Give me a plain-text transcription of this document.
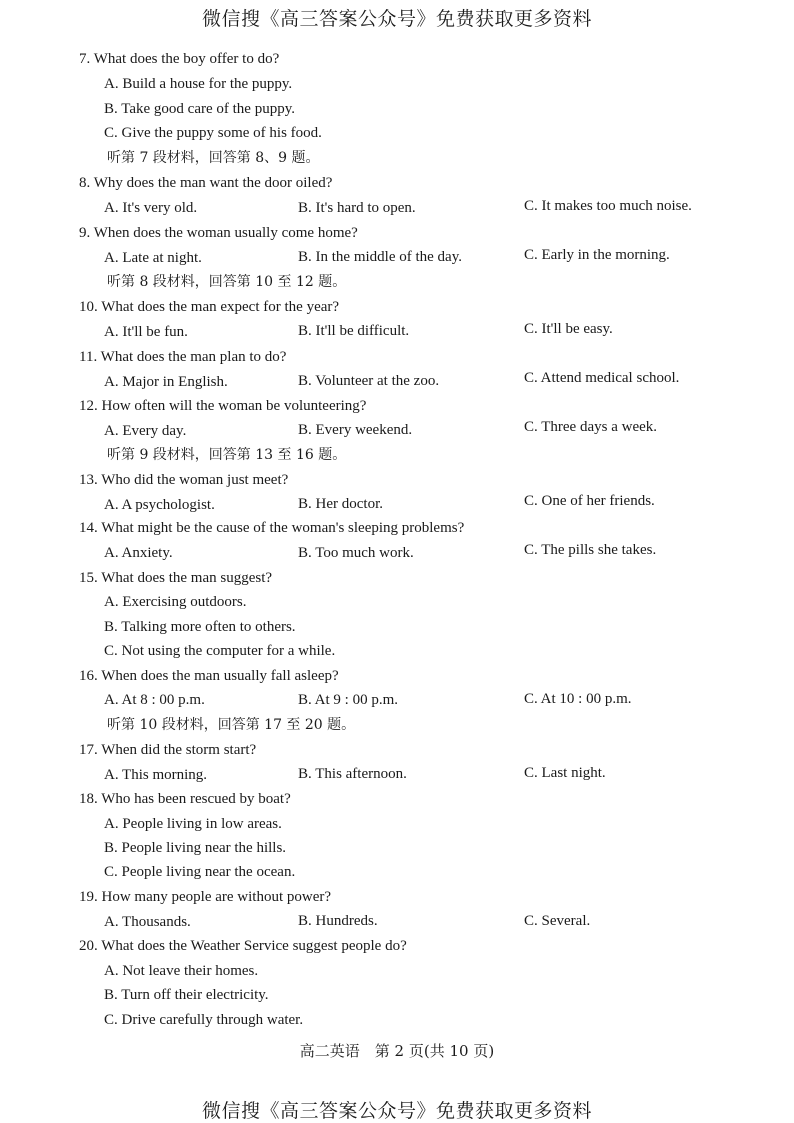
微信搜《高三答案公众号》免费获取更多资料
7. What does the boy offer to do?
A. Build a house for the puppy.
B. Take good care of the puppy.
C. Give the puppy some of his food.
听第 7 段材料，回答第 8、9 题。
8. Why does the man want the door oiled?
A. It's very old.	B. It's hard to open.	C. It makes too much noise.
9. When does the woman usually come home?
A. Late at night.	B. In the middle of the day.	C. Early in the morning.
听第 8 段材料，回答第 10 至 12 题。
10. What does the man expect for the year?
A. It'll be fun.	B. It'll be difficult.	C. It'll be easy.
11. What does the man plan to do?
A. Major in English.	B. Volunteer at the zoo.	C. Attend medical school.
12. How often will the woman be volunteering?
A. Every day.	B. Every weekend.	C. Three days a week.
听第 9 段材料，回答第 13 至 16 题。
13. Who did the woman just meet?
A. A psychologist.	B. Her doctor.	C. One of her friends.
14. What might be the cause of the woman's sleeping problems?
A. Anxiety.	B. Too much work.	C. The pills she takes.
15. What does the man suggest?
A. Exercising outdoors.
B. Talking more often to others.
C. Not using the computer for a while.
16. When does the man usually fall asleep?
A. At 8 : 00 p.m.	B. At 9 : 00 p.m.	C. At 10 : 00 p.m.
听第 10 段材料，回答第 17 至 20 题。
17. When did the storm start?
A. This morning.	B. This afternoon.	C. Last night.
18. Who has been rescued by boat?
A. People living in low areas.
B. People living near the hills.
C. People living near the ocean.
19. How many people are without power?
A. Thousands.	B. Hundreds.	C. Several.
20. What does the Weather Service suggest people do?
A. Not leave their homes.
B. Turn off their electricity.
C. Drive carefully through water.
高二英语　第 2 页(共 10 页)
微信搜《高三答案公众号》免费获取更多资料
